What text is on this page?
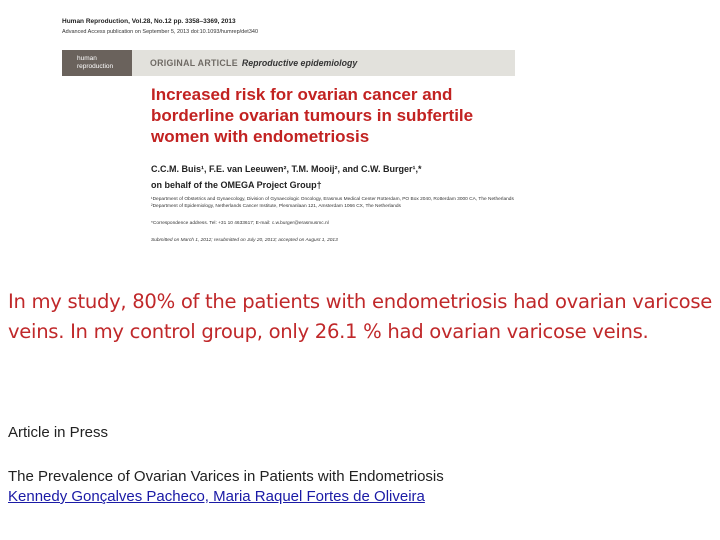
Human Reproduction, Vol.28, No.12 pp. 3358–3369, 2013
Advanced Access publication on September 5, 2013 doi:10.1093/humrep/det340
human
reproduction	ORIGINAL ARTICLE Reproductive epidemiology
Increased risk for ovarian cancer and borderline ovarian tumours in subfertile women with endometriosis
C.C.M. Buis¹, F.E. van Leeuwen², T.M. Mooij², and C.W. Burger¹,*
on behalf of the OMEGA Project Group†
¹Department of Obstetrics and Gynaecology, Division of Gynaecologic Oncology, Erasmus Medical Center Rotterdam, PO Box 2040, Rotterdam 3000 CA, The Netherlands ²Department of Epidemiology, Netherlands Cancer Institute, Plesmanlaan 121, Amsterdam 1066 CX, The Netherlands
*Correspondence address. Tel: +31 10 4633617; E-mail: c.w.burger@erasmusmc.nl
Submitted on March 1, 2012; resubmitted on July 20, 2013; accepted on August 1, 2013
In my study, 80% of the patients with endometriosis had ovarian varicose veins. In my control group, only 26.1 % had ovarian varicose veins.
Article in Press
The Prevalence of Ovarian Varices in Patients with Endometriosis
Kennedy Gonçalves Pacheco, Maria Raquel Fortes de Oliveira
